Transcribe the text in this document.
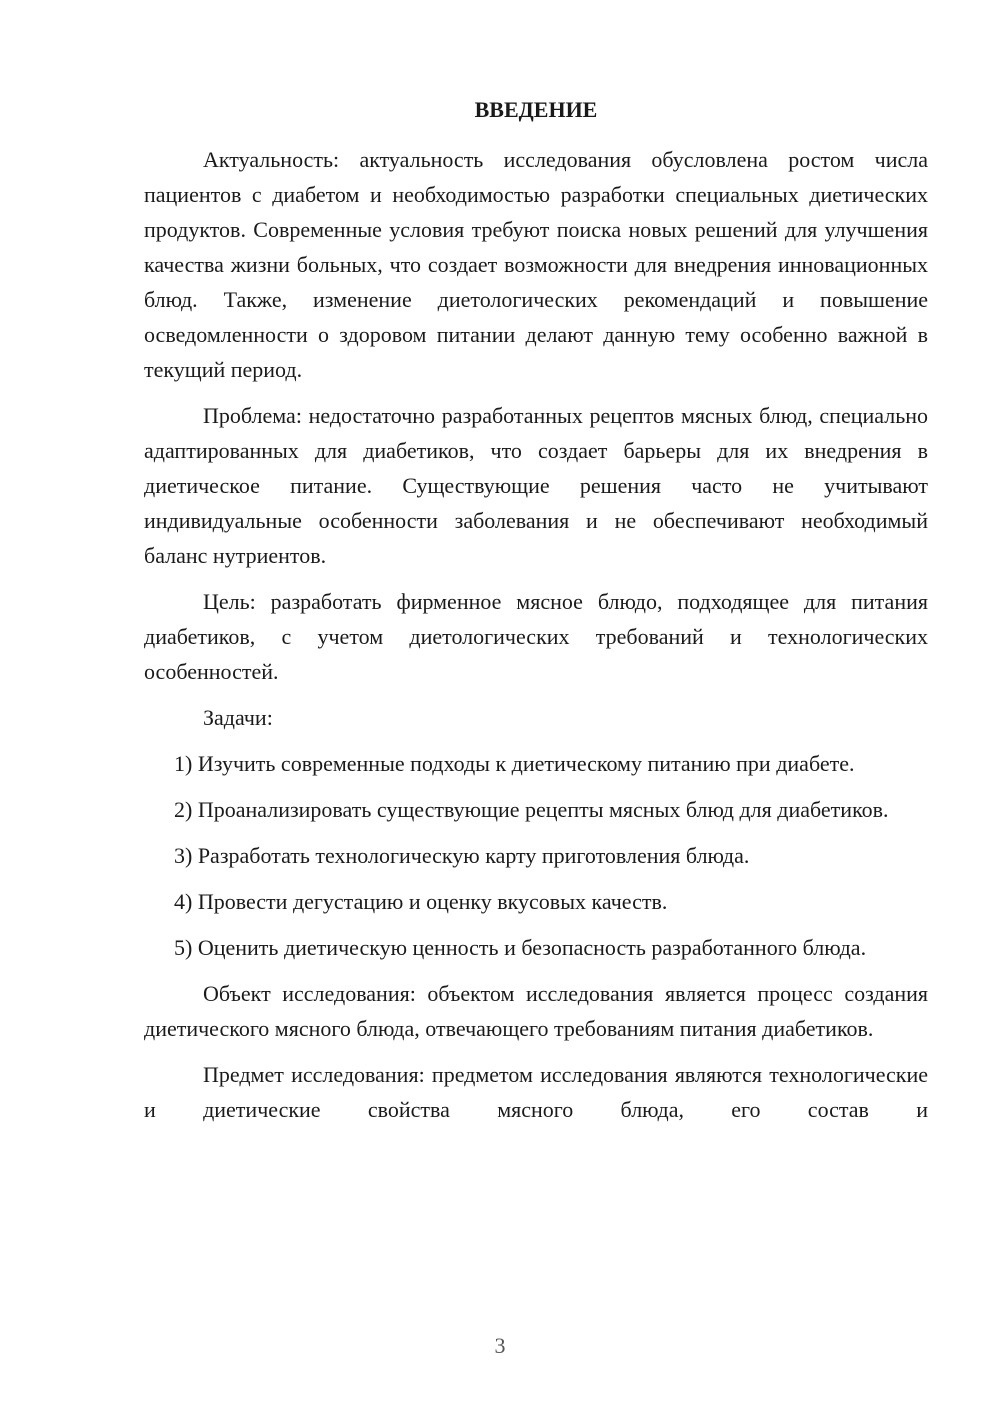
ВВЕДЕНИЕ

Актуальность: актуальность исследования обусловлена ростом числа пациентов с диабетом и необходимостью разработки специальных диетических продуктов. Современные условия требуют поиска новых решений для улучшения качества жизни больных, что создает возможности для внедрения инновационных блюд. Также, изменение диетологических рекомендаций и повышение осведомленности о здоровом питании делают данную тему особенно важной в текущий период.

Проблема: недостаточно разработанных рецептов мясных блюд, специально адаптированных для диабетиков, что создает барьеры для их внедрения в диетическое питание. Существующие решения часто не учитывают индивидуальные особенности заболевания и не обеспечивают необходимый баланс нутриентов.

Цель: разработать фирменное мясное блюдо, подходящее для питания диабетиков, с учетом диетологических требований и технологических особенностей.

Задачи:

1) Изучить современные подходы к диетическому питанию при диабете.

2) Проанализировать существующие рецепты мясных блюд для диабетиков.

3) Разработать технологическую карту приготовления блюда.

4) Провести дегустацию и оценку вкусовых качеств.

5) Оценить диетическую ценность и безопасность разработанного блюда.

Объект исследования: объектом исследования является процесс создания диетического мясного блюда, отвечающего требованиям питания диабетиков.

Предмет исследования: предметом исследования являются технологические и диетические свойства мясного блюда, его состав и

3
